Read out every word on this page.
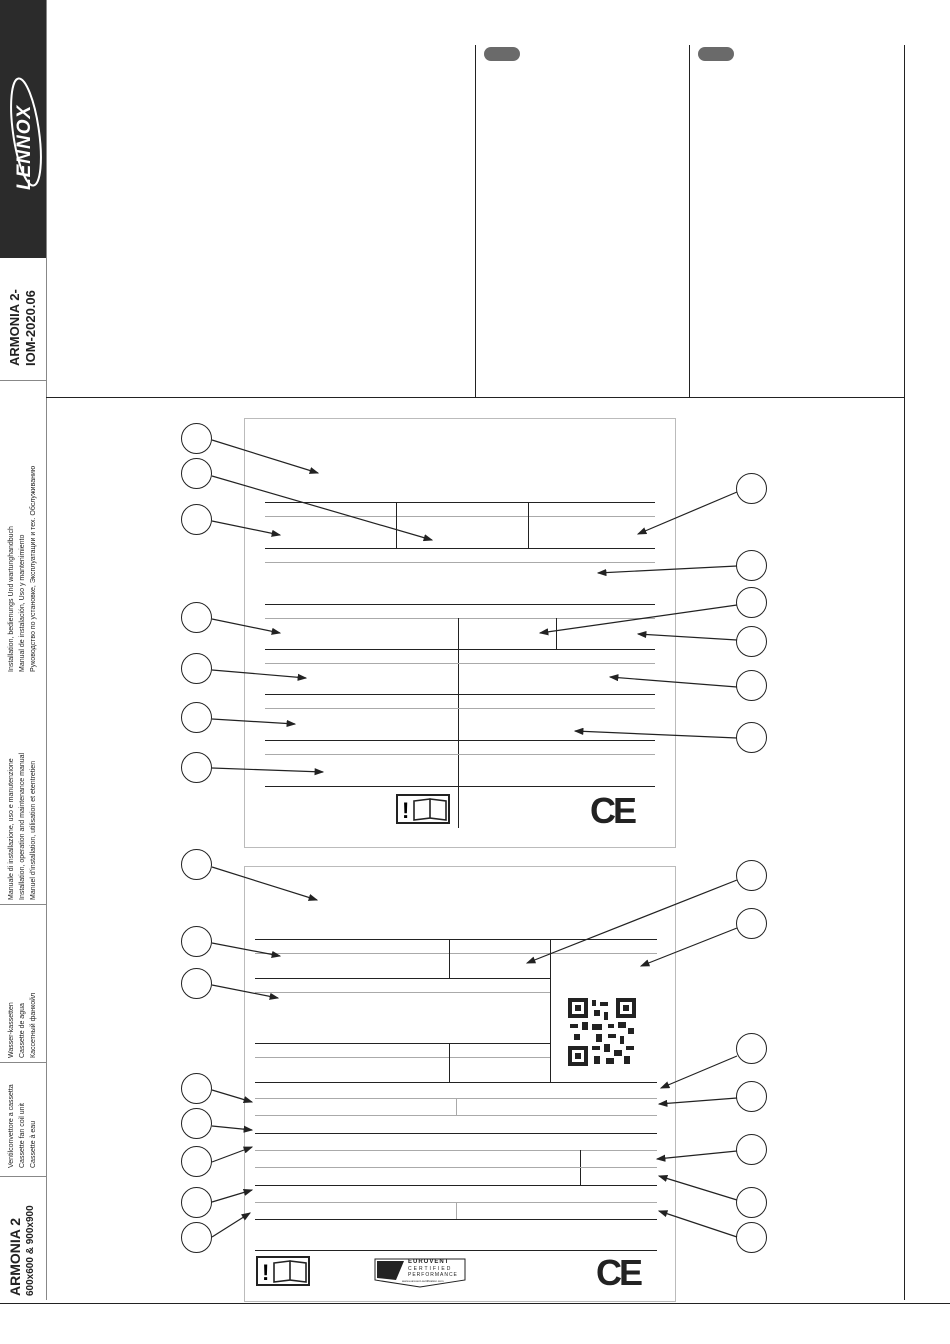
LENNOX
ARMONIA 2- IOM-2020.06
Installation, bedienungs Und wartunghandbuch Manual de instalación, Uso y mantenimiento Руководство по установке, Эксплуатации и тех. Обслуживанию
Manuale di installazione, uso e manutenzione Installation, operation and maintenance manual Manuel d'installation, utilisation et etentretien
Wasser-kassetten Cassette de agua Кассетный фанкойл
Ventilconvettore a cassetta Cassette fan coil unit Cassette à eau
ARMONIA 2 600x600 & 900x900
!	CE
!	EUROVENT
CERTIFIED
PERFORMANCE
www.eurovent-certification.com	CE
